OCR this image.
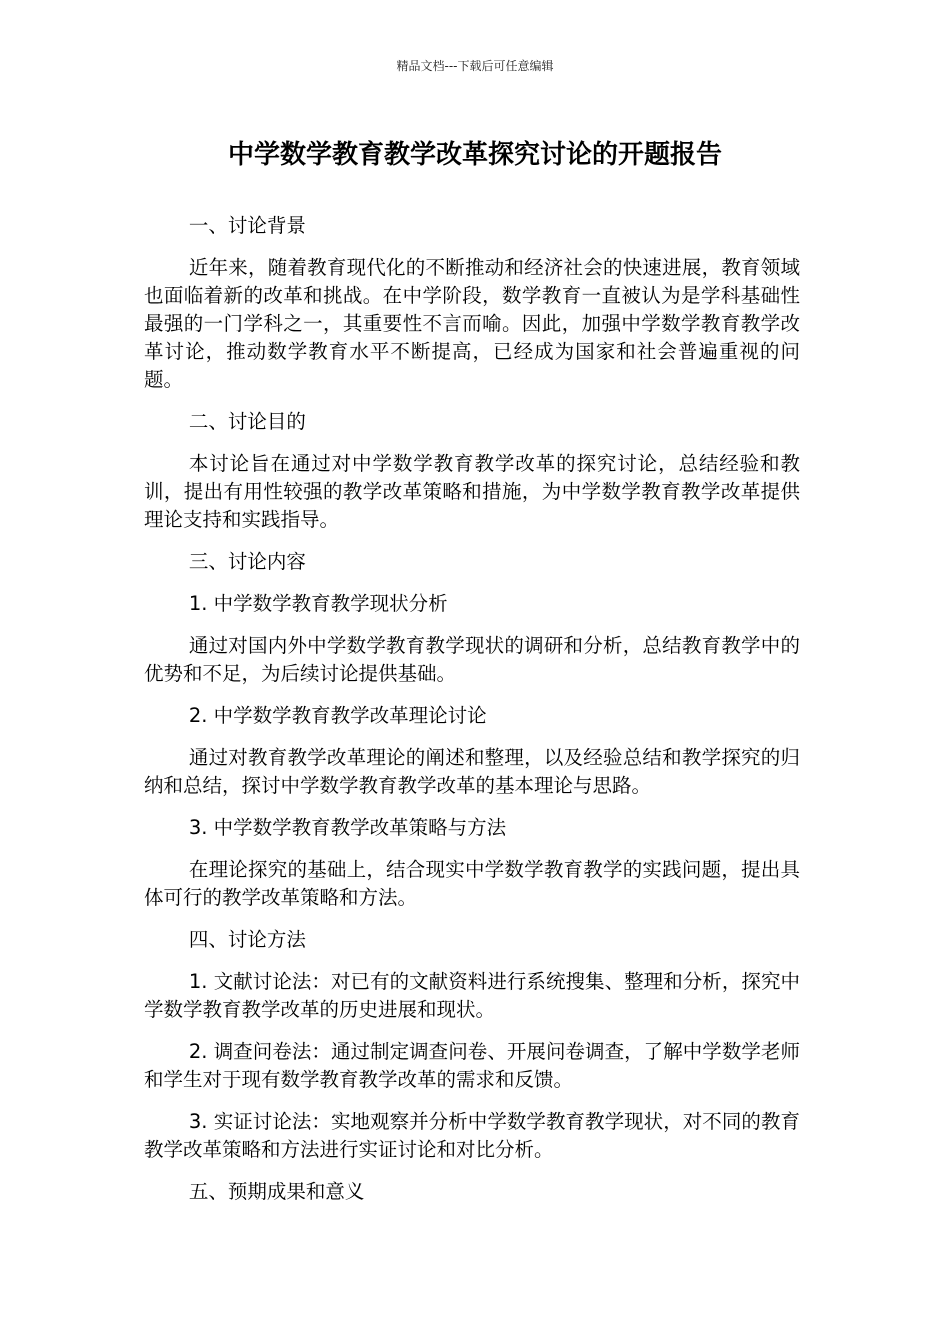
精品文档---下载后可任意编辑
中学数学教育教学改革探究讨论的开题报告

一、讨论背景

近年来，随着教育现代化的不断推动和经济社会的快速进展，教育领域也面临着新的改革和挑战。在中学阶段，数学教育一直被认为是学科基础性最强的一门学科之一，其重要性不言而喻。因此，加强中学数学教育教学改革讨论，推动数学教育水平不断提高，已经成为国家和社会普遍重视的问题。

二、讨论目的

本讨论旨在通过对中学数学教育教学改革的探究讨论，总结经验和教训，提出有用性较强的教学改革策略和措施，为中学数学教育教学改革提供理论支持和实践指导。

三、讨论内容

1. 中学数学教育教学现状分析

通过对国内外中学数学教育教学现状的调研和分析，总结教育教学中的优势和不足，为后续讨论提供基础。

2. 中学数学教育教学改革理论讨论

通过对教育教学改革理论的阐述和整理，以及经验总结和教学探究的归纳和总结，探讨中学数学教育教学改革的基本理论与思路。

3. 中学数学教育教学改革策略与方法

在理论探究的基础上，结合现实中学数学教育教学的实践问题，提出具体可行的教学改革策略和方法。

四、讨论方法

1. 文献讨论法：对已有的文献资料进行系统搜集、整理和分析，探究中学数学教育教学改革的历史进展和现状。

2. 调查问卷法：通过制定调查问卷、开展问卷调查，了解中学数学老师和学生对于现有数学教育教学改革的需求和反馈。

3. 实证讨论法：实地观察并分析中学数学教育教学现状，对不同的教育教学改革策略和方法进行实证讨论和对比分析。

五、预期成果和意义
